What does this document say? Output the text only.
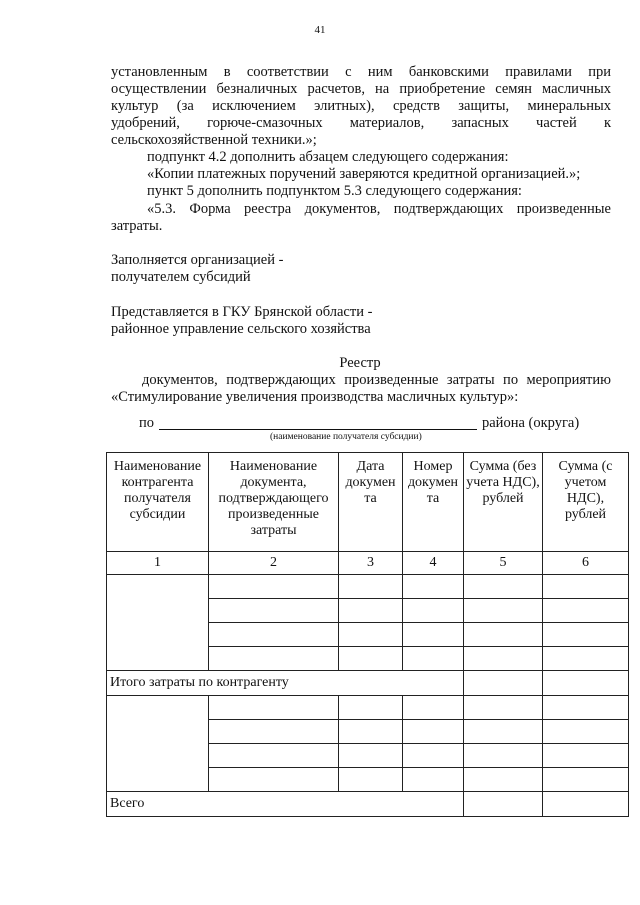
41
установленным в соответствии с ним банковскими правилами при
осуществлении безналичных расчетов, на приобретение семян масличных
культур (за исключением элитных), средств защиты, минеральных
удобрений, горюче-смазочных материалов, запасных частей к
сельскохозяйственной техники.»;
подпункт 4.2 дополнить абзацем следующего содержания:
«Копии платежных поручений заверяются кредитной организацией.»;
пункт 5 дополнить подпунктом 5.3 следующего содержания:
«5.3. Форма реестра документов, подтверждающих произведенные
затраты.
Заполняется организацией -
получателем субсидий
Представляется в ГКУ Брянской области -
районное управление сельского хозяйства
Реестр
документов, подтверждающих произведенные затраты по мероприятию
«Стимулирование увеличения производства масличных культур»:
по	района (округа)
(наименование получателя субсидии)
Наименование контрагента получателя субсидии	Наименование документа, подтверждающего произведенные затраты	Дата докумен та	Номер докумен та	Сумма (без учета НДС), рублей	Сумма (с учетом НДС), рублей
1	2	3	4	5	6

Итого затраты по контрагенту					

Всего					
